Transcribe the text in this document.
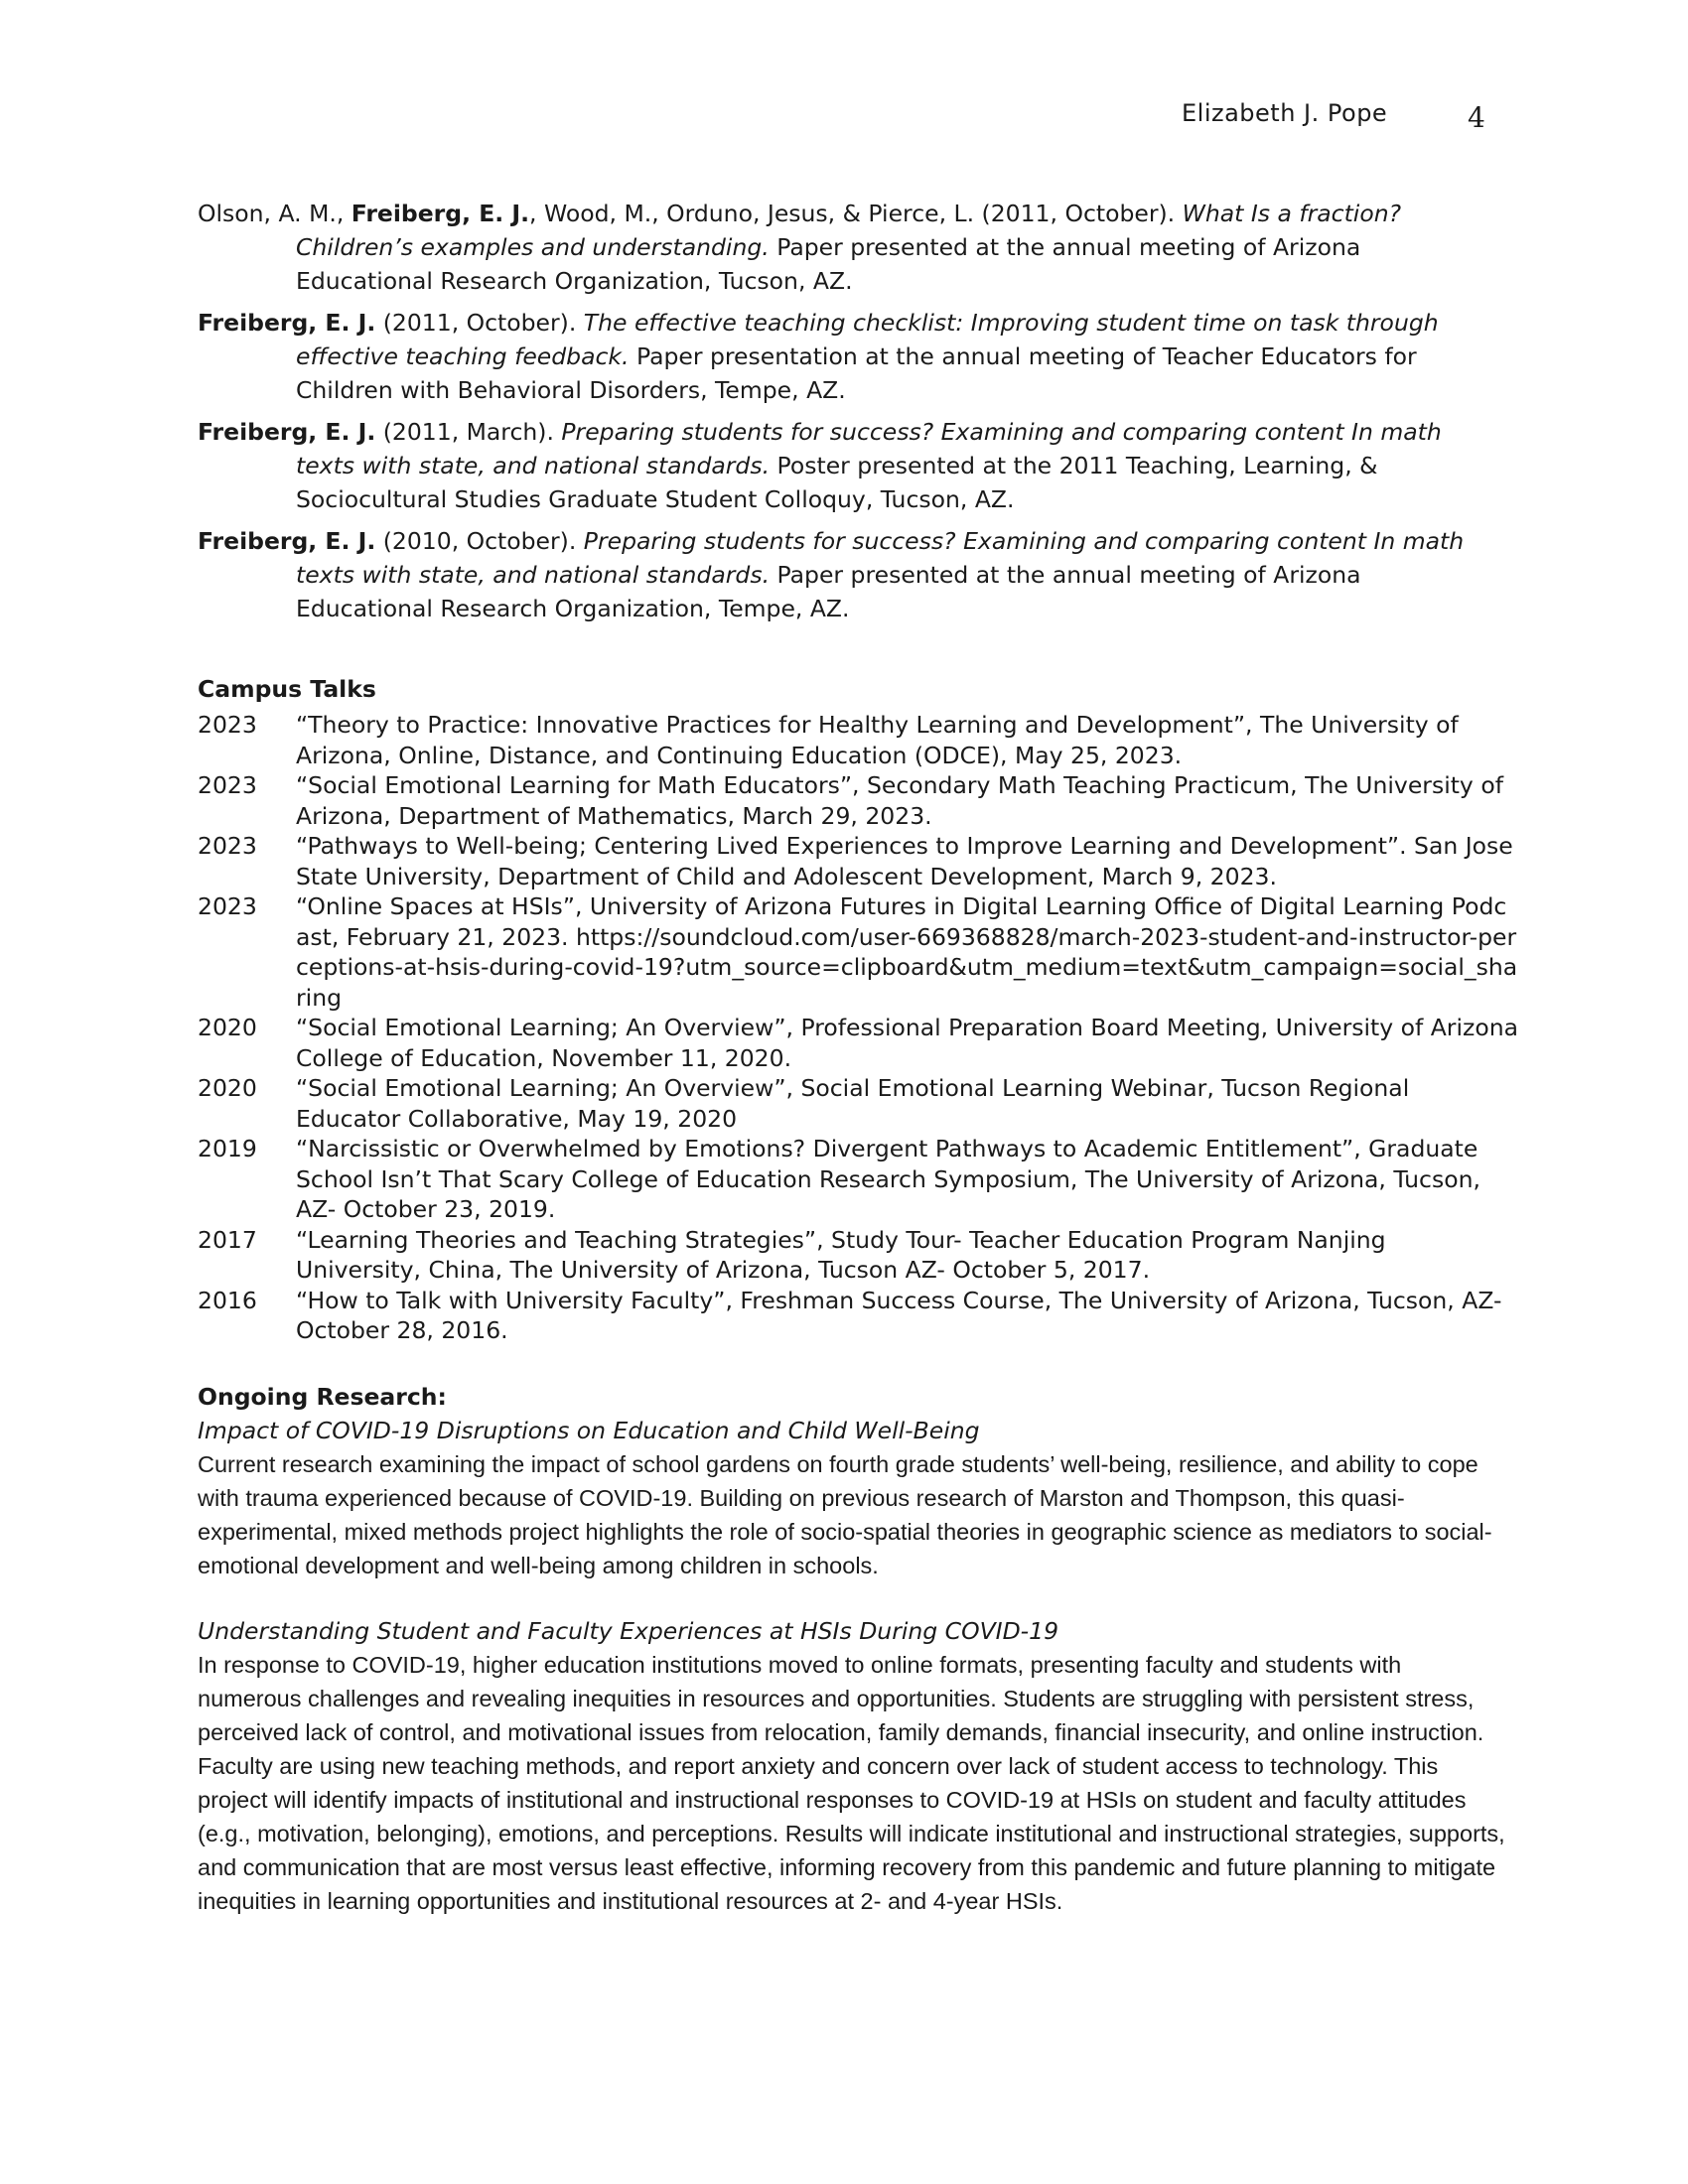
Elizabeth J. Pope	4
Olson, A. M., Freiberg, E. J., Wood, M., Orduno, Jesus, & Pierce, L. (2011, October). What Is a fraction? Children’s examples and understanding. Paper presented at the annual meeting of Arizona Educational Research Organization, Tucson, AZ.
Freiberg, E. J. (2011, October). The effective teaching checklist: Improving student time on task through effective teaching feedback. Paper presentation at the annual meeting of Teacher Educators for Children with Behavioral Disorders, Tempe, AZ.
Freiberg, E. J. (2011, March). Preparing students for success? Examining and comparing content In math texts with state, and national standards. Poster presented at the 2011 Teaching, Learning, & Sociocultural Studies Graduate Student Colloquy, Tucson, AZ.
Freiberg, E. J. (2010, October). Preparing students for success? Examining and comparing content In math texts with state, and national standards. Paper presented at the annual meeting of Arizona Educational Research Organization, Tempe, AZ.
Campus Talks
2023	“Theory to Practice: Innovative Practices for Healthy Learning and Development”, The University of Arizona, Online, Distance, and Continuing Education (ODCE), May 25, 2023.
2023	“Social Emotional Learning for Math Educators”, Secondary Math Teaching Practicum, The University of Arizona, Department of Mathematics, March 29, 2023.
2023	“Pathways to Well-being; Centering Lived Experiences to Improve Learning and Development”. San Jose State University, Department of Child and Adolescent Development, March 9, 2023.
2023	“Online Spaces at HSIs”, University of Arizona Futures in Digital Learning Office of Digital Learning Podcast, February 21, 2023. https://soundcloud.com/user-669368828/march-2023-student-and-instructor-perceptions-at-hsis-during-covid-19?utm_source=clipboard&utm_medium=text&utm_campaign=social_sharing
2020	“Social Emotional Learning; An Overview”, Professional Preparation Board Meeting, University of Arizona College of Education, November 11, 2020.
2020	“Social Emotional Learning; An Overview”, Social Emotional Learning Webinar, Tucson Regional Educator Collaborative, May 19, 2020
2019	“Narcissistic or Overwhelmed by Emotions? Divergent Pathways to Academic Entitlement”, Graduate School Isn’t That Scary College of Education Research Symposium, The University of Arizona, Tucson, AZ- October 23, 2019.
2017	“Learning Theories and Teaching Strategies”, Study Tour- Teacher Education Program Nanjing University, China, The University of Arizona, Tucson AZ- October 5, 2017.
2016	“How to Talk with University Faculty”, Freshman Success Course, The University of Arizona, Tucson, AZ- October 28, 2016.
Ongoing Research:
Impact of COVID-19 Disruptions on Education and Child Well-Being

Current research examining the impact of school gardens on fourth grade students’ well-being, resilience, and ability to cope with trauma experienced because of COVID-19. Building on previous research of Marston and Thompson, this quasi-experimental, mixed methods project highlights the role of socio-spatial theories in geographic science as mediators to social-emotional development and well-being among children in schools.

Understanding Student and Faculty Experiences at HSIs During COVID-19

In response to COVID-19, higher education institutions moved to online formats, presenting faculty and students with numerous challenges and revealing inequities in resources and opportunities. Students are struggling with persistent stress, perceived lack of control, and motivational issues from relocation, family demands, financial insecurity, and online instruction. Faculty are using new teaching methods, and report anxiety and concern over lack of student access to technology. This project will identify impacts of institutional and instructional responses to COVID-19 at HSIs on student and faculty attitudes (e.g., motivation, belonging), emotions, and perceptions. Results will indicate institutional and instructional strategies, supports, and communication that are most versus least effective, informing recovery from this pandemic and future planning to mitigate inequities in learning opportunities and institutional resources at 2- and 4-year HSIs.
